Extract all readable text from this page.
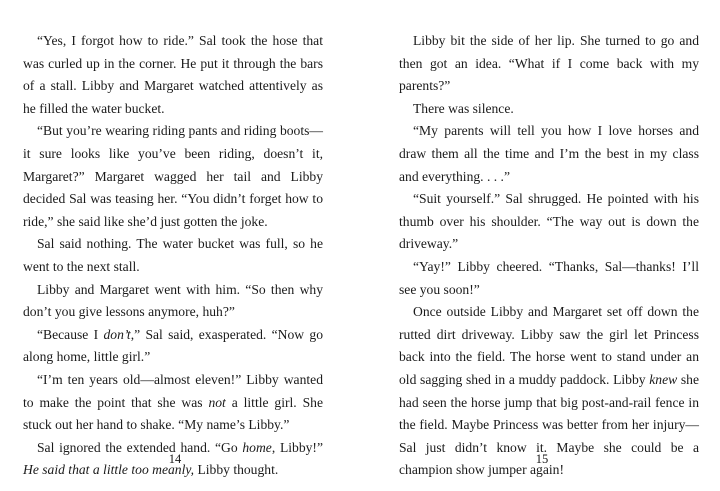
“Yes, I forgot how to ride.” Sal took the hose that was curled up in the corner. He put it through the bars of a stall. Libby and Margaret watched attentively as he filled the water bucket.

“But you’re wearing riding pants and riding boots—it sure looks like you’ve been riding, doesn’t it, Margaret?” Margaret wagged her tail and Libby decided Sal was teasing her. “You didn’t forget how to ride,” she said like she’d just gotten the joke.

Sal said nothing. The water bucket was full, so he went to the next stall.

Libby and Margaret went with him. “So then why don’t you give lessons anymore, huh?”

“Because I don’t,” Sal said, exasperated. “Now go along home, little girl.”

“I’m ten years old—almost eleven!” Libby wanted to make the point that she was not a little girl. She stuck out her hand to shake. “My name’s Libby.”

Sal ignored the extended hand. “Go home, Libby!” He said that a little too meanly, Libby thought.

14

Libby bit the side of her lip. She turned to go and then got an idea. “What if I come back with my parents?”

There was silence.

“My parents will tell you how I love horses and draw them all the time and I’m the best in my class and everything. . . .”

“Suit yourself.” Sal shrugged. He pointed with his thumb over his shoulder. “The way out is down the driveway.”

“Yay!” Libby cheered. “Thanks, Sal—thanks! I’ll see you soon!”

Once outside Libby and Margaret set off down the rutted dirt driveway. Libby saw the girl let Princess back into the field. The horse went to stand under an old sagging shed in a muddy paddock. Libby knew she had seen the horse jump that big post-and-rail fence in the field. Maybe Princess was better from her injury—Sal just didn’t know it. Maybe she could be a champion show jumper again!

15
